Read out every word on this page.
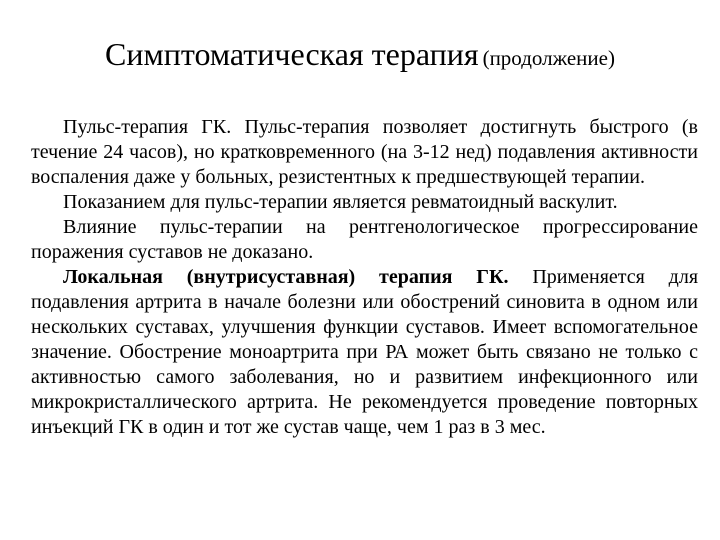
Симптоматическая терапия (продолжение)

Пульс-терапия ГК. Пульс-терапия позволяет достигнуть быстрого (в течение 24 часов), но кратковременного (на 3-12 нед) подавления активности воспаления даже у больных, резистентных к предшествующей терапии.

Показанием для пульс-терапии является ревматоидный васкулит.

Влияние пульс-терапии на рентгенологическое прогрессирование поражения суставов не доказано.

Локальная (внутрисуставная) терапия ГК. Применяется для подавления артрита в начале болезни или обострений синовита в одном или нескольких суставах, улучшения функции суставов. Имеет вспомогательное значение. Обострение моноартрита при РА может быть связано не только с активностью самого заболевания, но и развитием инфекционного или микрокристаллического артрита. Не рекомендуется проведение повторных инъекций ГК в один и тот же сустав чаще, чем 1 раз в 3 мес.
